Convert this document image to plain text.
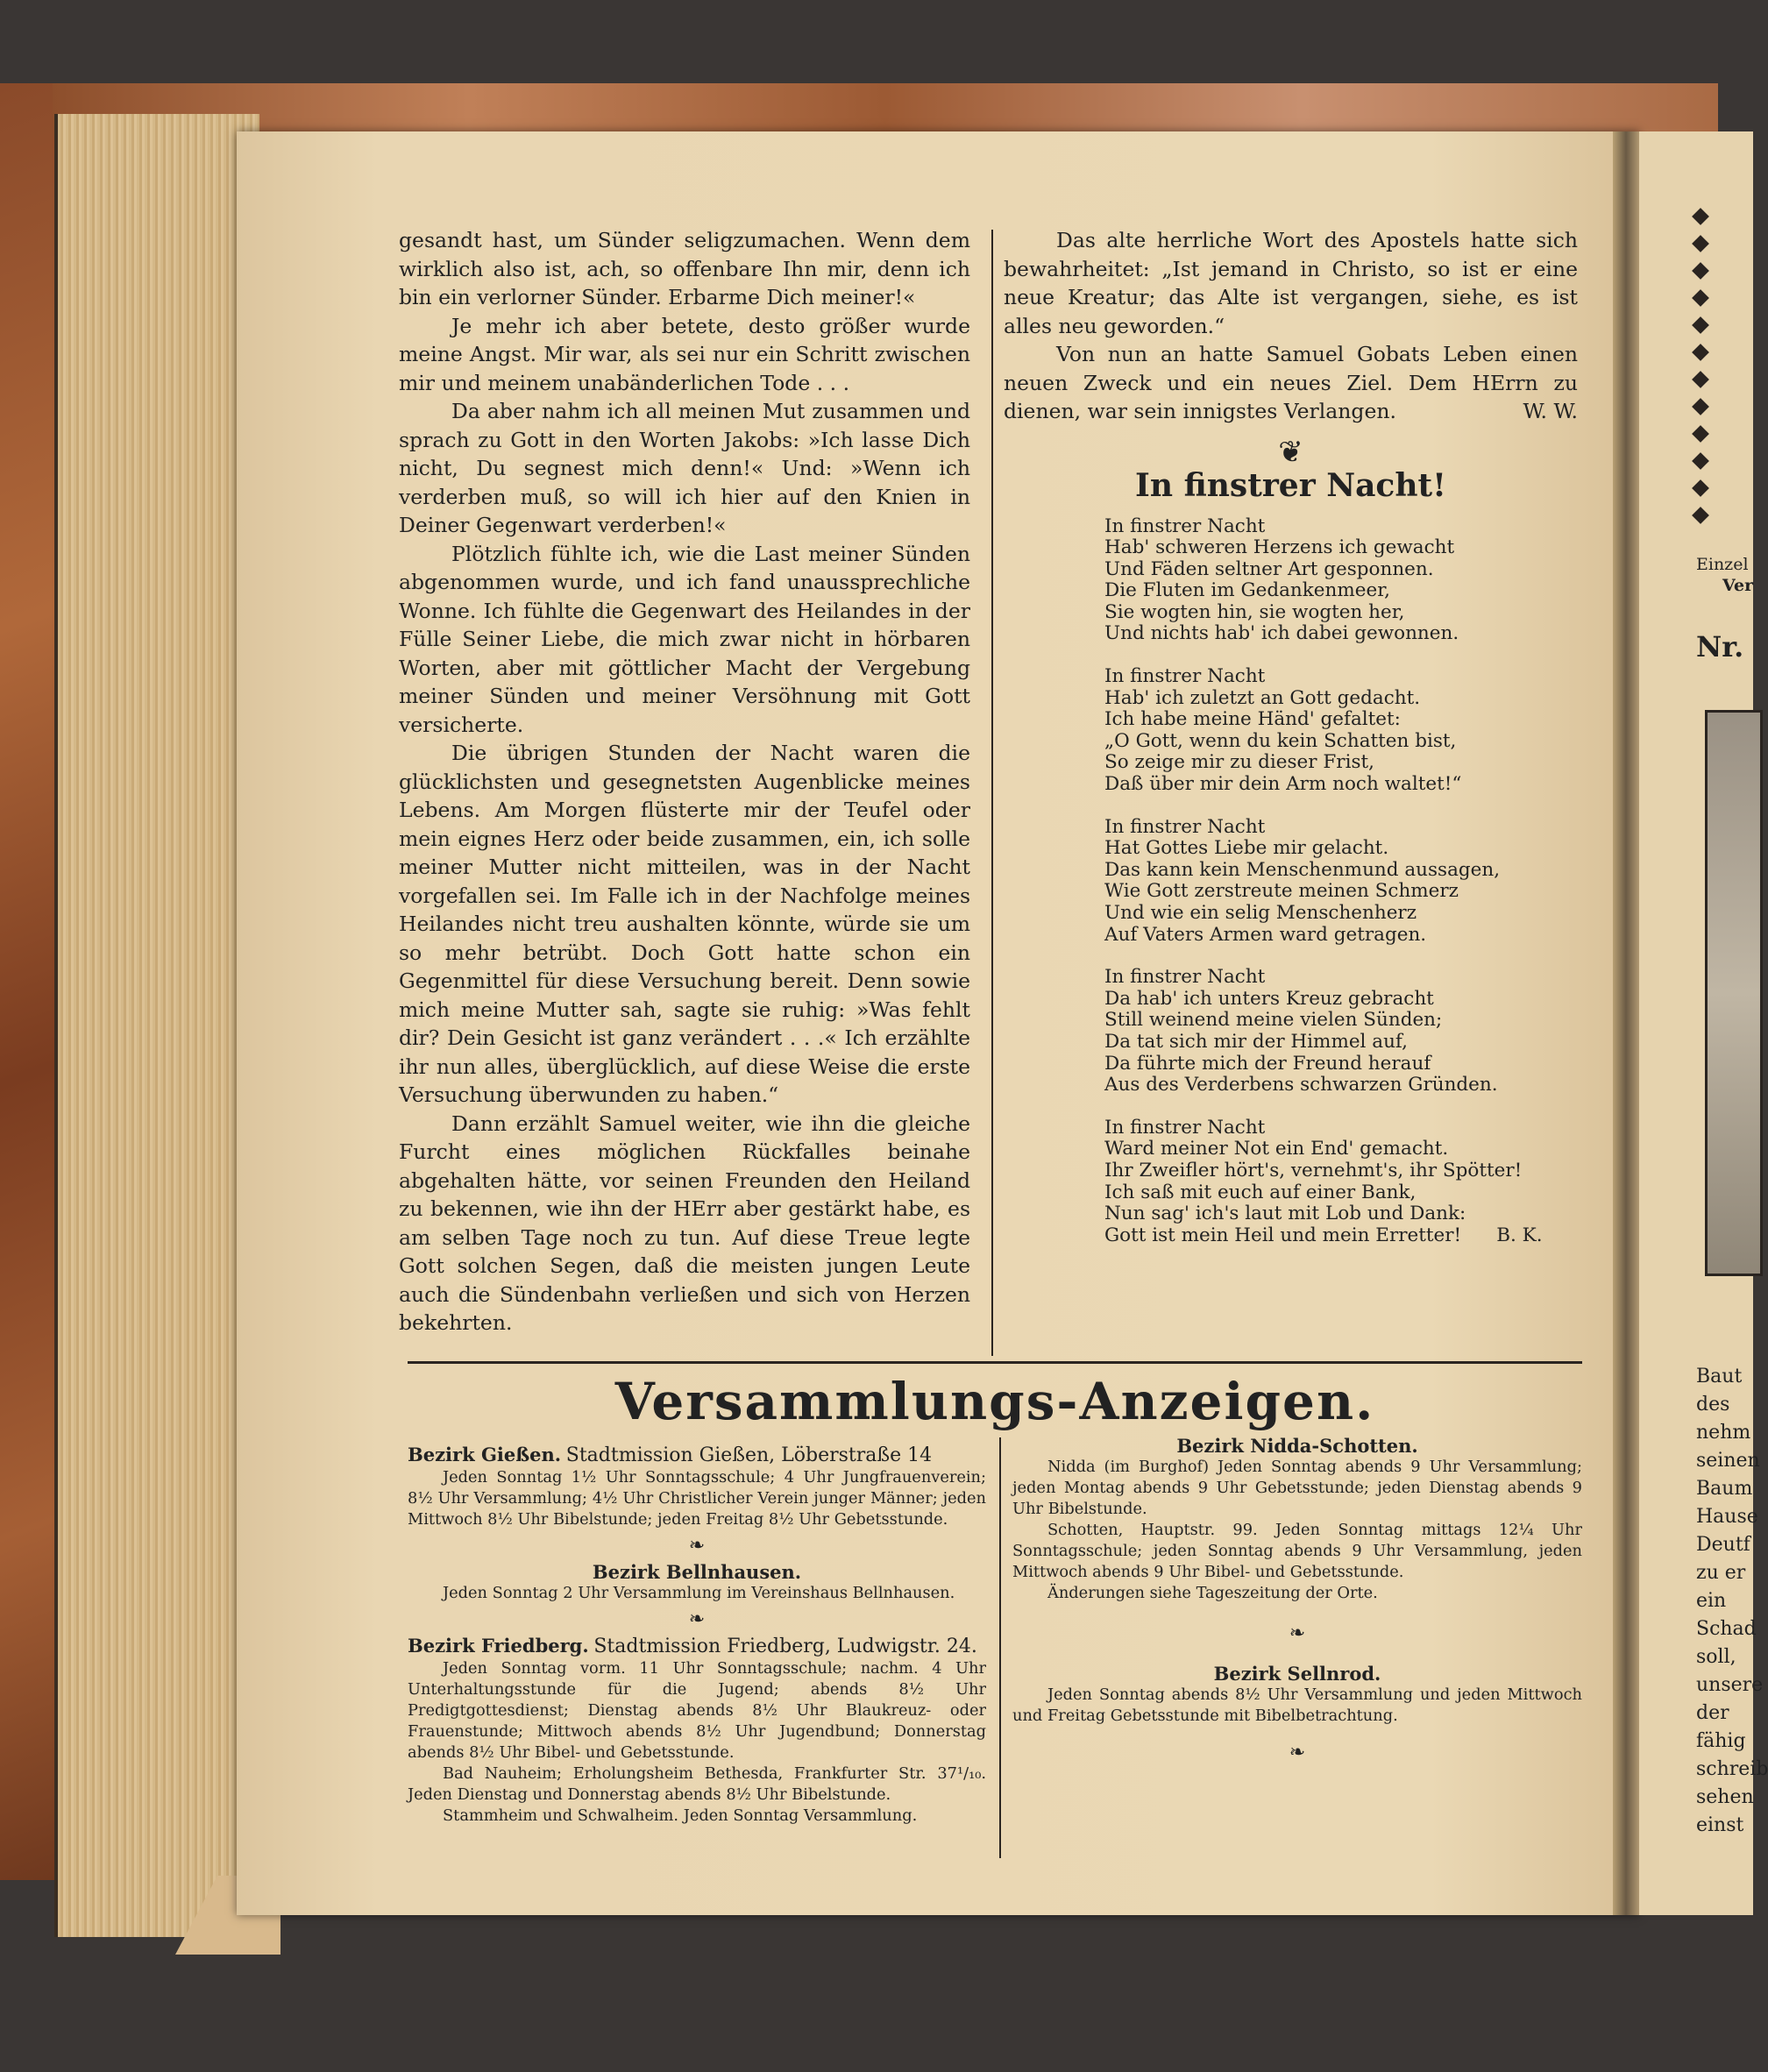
Einzel
Ver
Nr.
Baut
des
nehm
seinen
Baum
Hause
Deutf
zu er
ein
Schad
soll,
unsere
der
fähig
schreib
sehen
einst

gesandt hast, um Sünder seligzumachen. Wenn dem wirklich also ist, ach, so offenbare Ihn mir, denn ich bin ein verlorner Sünder. Erbarme Dich meiner!«

Je mehr ich aber betete, desto größer wurde meine Angst. Mir war, als sei nur ein Schritt zwischen mir und meinem unabänderlichen Tode . . .

Da aber nahm ich all meinen Mut zusammen und sprach zu Gott in den Worten Jakobs: »Ich lasse Dich nicht, Du segnest mich denn!« Und: »Wenn ich verderben muß, so will ich hier auf den Knien in Deiner Gegenwart verderben!«

Plötzlich fühlte ich, wie die Last meiner Sünden abgenommen wurde, und ich fand unaussprechliche Wonne. Ich fühlte die Gegenwart des Heilandes in der Fülle Seiner Liebe, die mich zwar nicht in hörbaren Worten, aber mit göttlicher Macht der Vergebung meiner Sünden und meiner Versöhnung mit Gott versicherte.

Die übrigen Stunden der Nacht waren die glücklichsten und gesegnetsten Augenblicke meines Lebens. Am Morgen flüsterte mir der Teufel oder mein eignes Herz oder beide zusammen, ein, ich solle meiner Mutter nicht mitteilen, was in der Nacht vorgefallen sei. Im Falle ich in der Nachfolge meines Heilandes nicht treu aushalten könnte, würde sie um so mehr betrübt. Doch Gott hatte schon ein Gegenmittel für diese Versuchung bereit. Denn sowie mich meine Mutter sah, sagte sie ruhig: »Was fehlt dir? Dein Gesicht ist ganz verändert . . .« Ich erzählte ihr nun alles, überglücklich, auf diese Weise die erste Versuchung überwunden zu haben.“

Dann erzählt Samuel weiter, wie ihn die gleiche Furcht eines möglichen Rückfalles beinahe abgehalten hätte, vor seinen Freunden den Heiland zu bekennen, wie ihn der HErr aber gestärkt habe, es am selben Tage noch zu tun. Auf diese Treue legte Gott solchen Segen, daß die meisten jungen Leute auch die Sündenbahn verließen und sich von Herzen bekehrten.

Das alte herrliche Wort des Apostels hatte sich bewahrheitet: „Ist jemand in Christo, so ist er eine neue Kreatur; das Alte ist vergangen, siehe, es ist alles neu geworden.“

Von nun an hatte Samuel Gobats Leben einen neuen Zweck und ein neues Ziel. Dem HErrn zu dienen, war sein innigstes Verlangen.	W. W.

❦
In finstrer Nacht!
In finstrer Nacht
Hab' schweren Herzens ich gewacht
Und Fäden seltner Art gesponnen.
Die Fluten im Gedankenmeer,
Sie wogten hin, sie wogten her,
Und nichts hab' ich dabei gewonnen.
In finstrer Nacht
Hab' ich zuletzt an Gott gedacht.
Ich habe meine Händ' gefaltet:
„O Gott, wenn du kein Schatten bist,
So zeige mir zu dieser Frist,
Daß über mir dein Arm noch waltet!“
In finstrer Nacht
Hat Gottes Liebe mir gelacht.
Das kann kein Menschenmund aussagen,
Wie Gott zerstreute meinen Schmerz
Und wie ein selig Menschenherz
Auf Vaters Armen ward getragen.
In finstrer Nacht
Da hab' ich unters Kreuz gebracht
Still weinend meine vielen Sünden;
Da tat sich mir der Himmel auf,
Da führte mich der Freund herauf
Aus des Verderbens schwarzen Gründen.
In finstrer Nacht
Ward meiner Not ein End' gemacht.
Ihr Zweifler hört's, vernehmt's, ihr Spötter!
Ich saß mit euch auf einer Bank,
Nun sag' ich's laut mit Lob und Dank:
Gott ist mein Heil und mein Erretter! B. K.
Versammlungs-Anzeigen.
Bezirk Gießen. Stadtmission Gießen, Löberstraße 14

Jeden Sonntag 1½ Uhr Sonntagsschule; 4 Uhr Jungfrauenverein; 8½ Uhr Versammlung; 4½ Uhr Christlicher Verein junger Männer; jeden Mittwoch 8½ Uhr Bibelstunde; jeden Freitag 8½ Uhr Gebetsstunde.

❧
Bezirk Bellnhausen.

Jeden Sonntag 2 Uhr Versammlung im Vereinshaus Bellnhausen.

❧
Bezirk Friedberg. Stadtmission Friedberg, Ludwigstr. 24.

Jeden Sonntag vorm. 11 Uhr Sonntagsschule; nachm. 4 Uhr Unterhaltungsstunde für die Jugend; abends 8½ Uhr Predigtgottesdienst; Dienstag abends 8½ Uhr Blaukreuz- oder Frauenstunde; Mittwoch abends 8½ Uhr Jugendbund; Donnerstag abends 8½ Uhr Bibel- und Gebetsstunde.

Bad Nauheim; Erholungsheim Bethesda, Frankfurter Str. 37¹/₁₀. Jeden Dienstag und Donnerstag abends 8½ Uhr Bibelstunde.

Stammheim und Schwalheim. Jeden Sonntag Versammlung.

Bezirk Nidda-Schotten.

Nidda (im Burghof) Jeden Sonntag abends 9 Uhr Versammlung; jeden Montag abends 9 Uhr Gebetsstunde; jeden Dienstag abends 9 Uhr Bibelstunde.

Schotten, Hauptstr. 99. Jeden Sonntag mittags 12¼ Uhr Sonntagsschule; jeden Sonntag abends 9 Uhr Versammlung, jeden Mittwoch abends 9 Uhr Bibel- und Gebetsstunde.

Änderungen siehe Tageszeitung der Orte.

❧
Bezirk Sellnrod.

Jeden Sonntag abends 8½ Uhr Versammlung und jeden Mittwoch und Freitag Gebetsstunde mit Bibelbetrachtung.

❧
